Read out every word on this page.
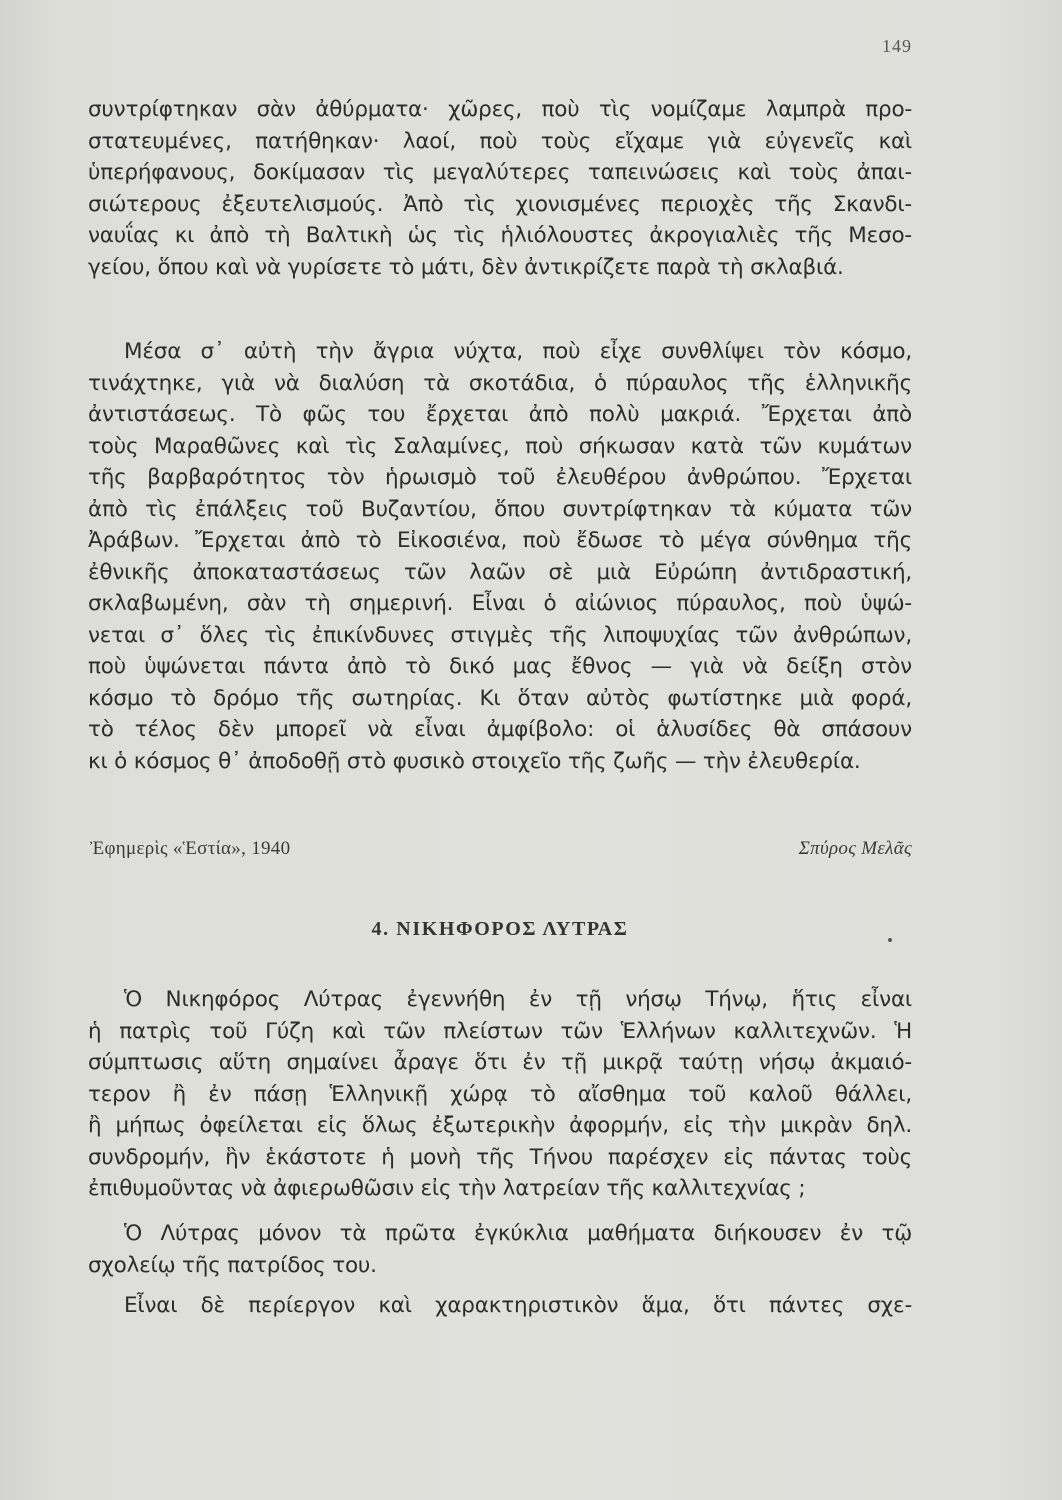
149
συντρίφτηκαν σὰν ἀθύρματα· χῶρες, ποὺ τὶς νομίζαμε λαμπρὰ προ-
στατευμένες, πατήθηκαν· λαοί, ποὺ τοὺς εἴχαμε γιὰ εὐγενεῖς καὶ
ὑπερήφανους, δοκίμασαν τὶς μεγαλύτερες ταπεινώσεις καὶ τοὺς ἀπαι-
σιώτερους ἐξευτελισμούς. Ἀπὸ τὶς χιονισμένες περιοχὲς τῆς Σκανδι-
ναυΐας κι ἀπὸ τὴ Βαλτικὴ ὡς τὶς ἡλιόλουστες ἀκρογιαλιὲς τῆς Μεσο-
γείου, ὅπου καὶ νὰ γυρίσετε τὸ μάτι, δὲν ἀντικρίζετε παρὰ τὴ σκλαβιά.
Μέσα σ᾽ αὐτὴ τὴν ἄγρια νύχτα, ποὺ εἶχε συνθλίψει τὸν κόσμο,
τινάχτηκε, γιὰ νὰ διαλύση τὰ σκοτάδια, ὁ πύραυλος τῆς ἑλληνικῆς
ἀντιστάσεως. Τὸ φῶς του ἔρχεται ἀπὸ πολὺ μακριά. Ἔρχεται ἀπὸ
τοὺς Μαραθῶνες καὶ τὶς Σαλαμίνες, ποὺ σήκωσαν κατὰ τῶν κυμάτων
τῆς βαρβαρότητος τὸν ἡρωισμὸ τοῦ ἐλευθέρου ἀνθρώπου. Ἔρχεται
ἀπὸ τὶς ἐπάλξεις τοῦ Βυζαντίου, ὅπου συντρίφτηκαν τὰ κύματα τῶν
Ἀράβων. Ἔρχεται ἀπὸ τὸ Εἰκοσιένα, ποὺ ἔδωσε τὸ μέγα σύνθημα τῆς
ἐθνικῆς ἀποκαταστάσεως τῶν λαῶν σὲ μιὰ Εὐρώπη ἀντιδραστική,
σκλαβωμένη, σὰν τὴ σημερινή. Εἶναι ὁ αἰώνιος πύραυλος, ποὺ ὑψώ-
νεται σ᾽ ὅλες τὶς ἐπικίνδυνες στιγμὲς τῆς λιποψυχίας τῶν ἀνθρώπων,
ποὺ ὑψώνεται πάντα ἀπὸ τὸ δικό μας ἔθνος — γιὰ νὰ δείξη στὸν
κόσμο τὸ δρόμο τῆς σωτηρίας. Κι ὅταν αὐτὸς φωτίστηκε μιὰ φορά,
τὸ τέλος δὲν μπορεῖ νὰ εἶναι ἀμφίβολο: οἱ ἁλυσίδες θὰ σπάσουν
κι ὁ κόσμος θ᾽ ἀποδοθῇ στὸ φυσικὸ στοιχεῖο τῆς ζωῆς — τὴν ἐλευθερία.
Ἐφημερὶς «Ἑστία», 1940	Σπύρος Μελᾶς
4. ΝΙΚΗΦΟΡΟΣ ΛΥΤΡΑΣ
Ὁ Νικηφόρος Λύτρας ἐγεννήθη ἐν τῇ νήσῳ Τήνῳ, ἥτις εἶναι
ἡ πατρὶς τοῦ Γύζη καὶ τῶν πλείστων τῶν Ἑλλήνων καλλιτεχνῶν. Ἡ
σύμπτωσις αὕτη σημαίνει ἆραγε ὅτι ἐν τῇ μικρᾷ ταύτῃ νήσῳ ἀκμαιό-
τερον ἢ ἐν πάσῃ Ἑλληνικῇ χώρᾳ τὸ αἴσθημα τοῦ καλοῦ θάλλει,
ἢ μήπως ὀφείλεται εἰς ὅλως ἐξωτερικὴν ἀφορμήν, εἰς τὴν μικρὰν δηλ.
συνδρομήν, ἣν ἑκάστοτε ἡ μονὴ τῆς Τήνου παρέσχεν εἰς πάντας τοὺς
ἐπιθυμοῦντας νὰ ἀφιερωθῶσιν εἰς τὴν λατρείαν τῆς καλλιτεχνίας ;
Ὁ Λύτρας μόνον τὰ πρῶτα ἐγκύκλια μαθήματα διήκουσεν ἐν τῷ
σχολείῳ τῆς πατρίδος του.
Εἶναι δὲ περίεργον καὶ χαρακτηριστικὸν ἅμα, ὅτι πάντες σχε-
